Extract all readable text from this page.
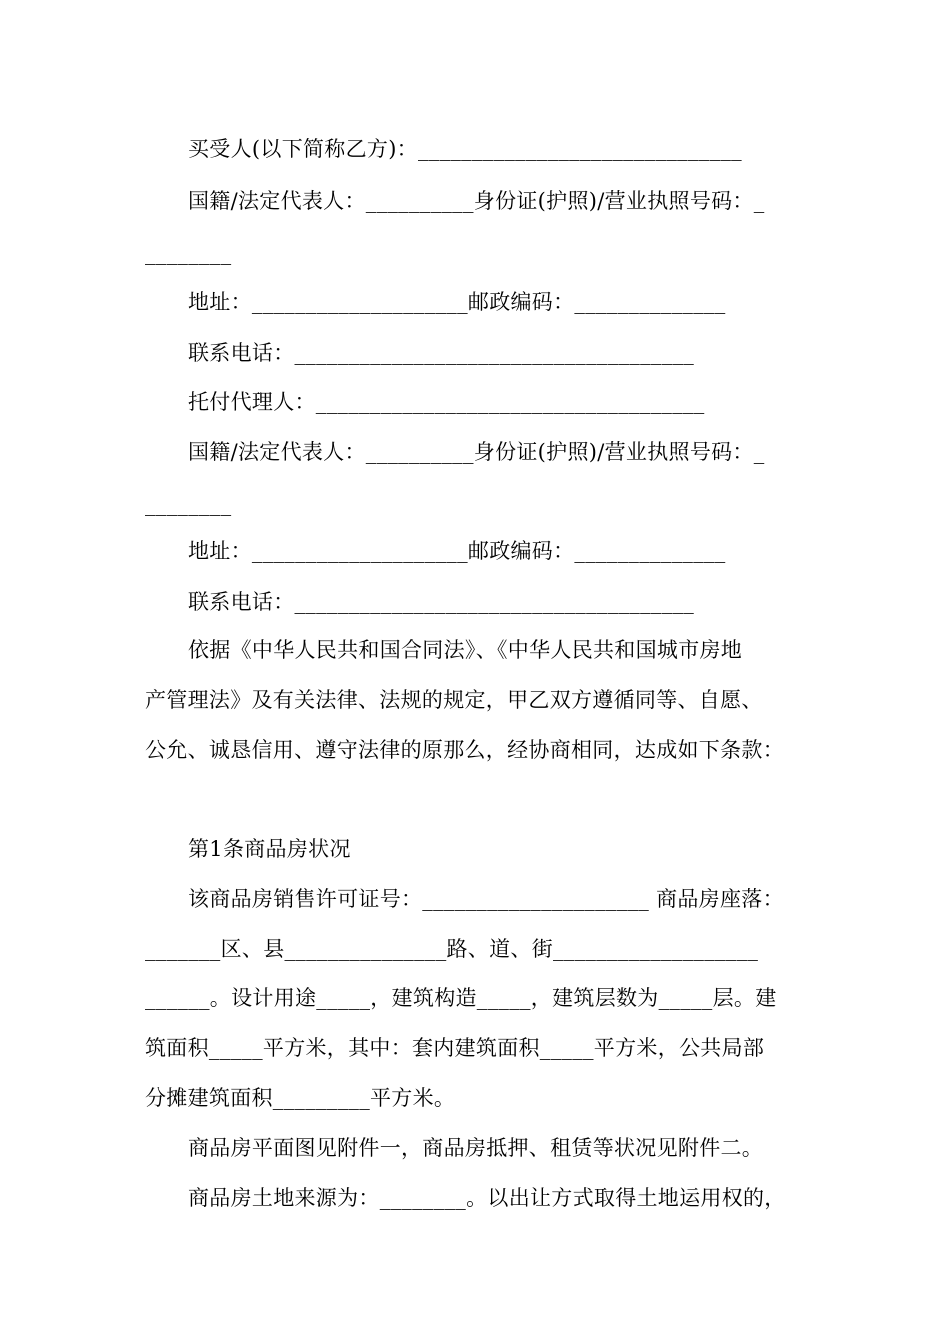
买受人(以下简称乙方)：______________________________
国籍/法定代表人：__________身份证(护照)/营业执照号码：_
________
地址：____________________邮政编码：______________
联系电话：_____________________________________
托付代理人：____________________________________
国籍/法定代表人：__________身份证(护照)/营业执照号码：_
________
地址：____________________邮政编码：______________
联系电话：_____________________________________
依据《中华人民共和国合同法》、《中华人民共和国城市房地
产管理法》及有关法律、法规的规定，甲乙双方遵循同等、自愿、
公允、诚恳信用、遵守法律的原那么，经协商相同，达成如下条款：
第1条商品房状况
该商品房销售许可证号：_____________________ 商品房座落：
_______区、县_______________路、道、街___________________
______。设计用途_____，建筑构造_____，建筑层数为_____层。建
筑面积_____平方米，其中：套内建筑面积_____平方米，公共局部
分摊建筑面积_________平方米。
商品房平面图见附件一，商品房抵押、租赁等状况见附件二。
商品房土地来源为：________。以出让方式取得土地运用权的，
